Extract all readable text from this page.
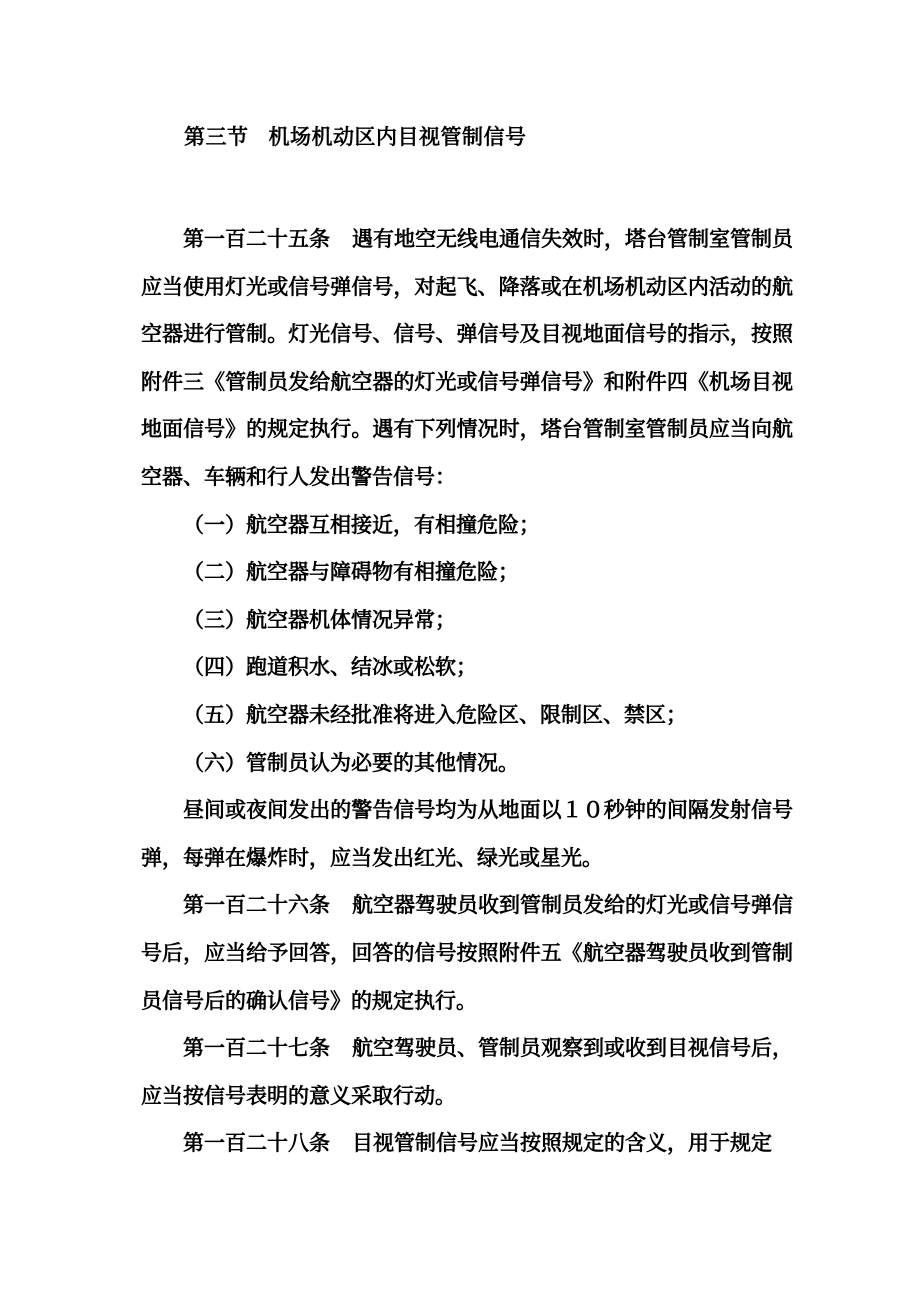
第三节 机场机动区内目视管制信号

第一百二十五条 遇有地空无线电通信失效时，塔台管制室管制员应当使用灯光或信号弹信号，对起飞、降落或在机场机动区内活动的航空器进行管制。灯光信号、信号、弹信号及目视地面信号的指示，按照附件三《管制员发给航空器的灯光或信号弹信号》和附件四《机场目视地面信号》的规定执行。遇有下列情况时，塔台管制室管制员应当向航空器、车辆和行人发出警告信号：

（一）航空器互相接近，有相撞危险；

（二）航空器与障碍物有相撞危险；

（三）航空器机体情况异常；

（四）跑道积水、结冰或松软；

（五）航空器未经批准将进入危险区、限制区、禁区；

（六）管制员认为必要的其他情况。

昼间或夜间发出的警告信号均为从地面以１０秒钟的间隔发射信号弹，每弹在爆炸时，应当发出红光、绿光或星光。

第一百二十六条 航空器驾驶员收到管制员发给的灯光或信号弹信号后，应当给予回答，回答的信号按照附件五《航空器驾驶员收到管制员信号后的确认信号》的规定执行。

第一百二十七条 航空驾驶员、管制员观察到或收到目视信号后，应当按信号表明的意义采取行动。

第一百二十八条 目视管制信号应当按照规定的含义，用于规定
